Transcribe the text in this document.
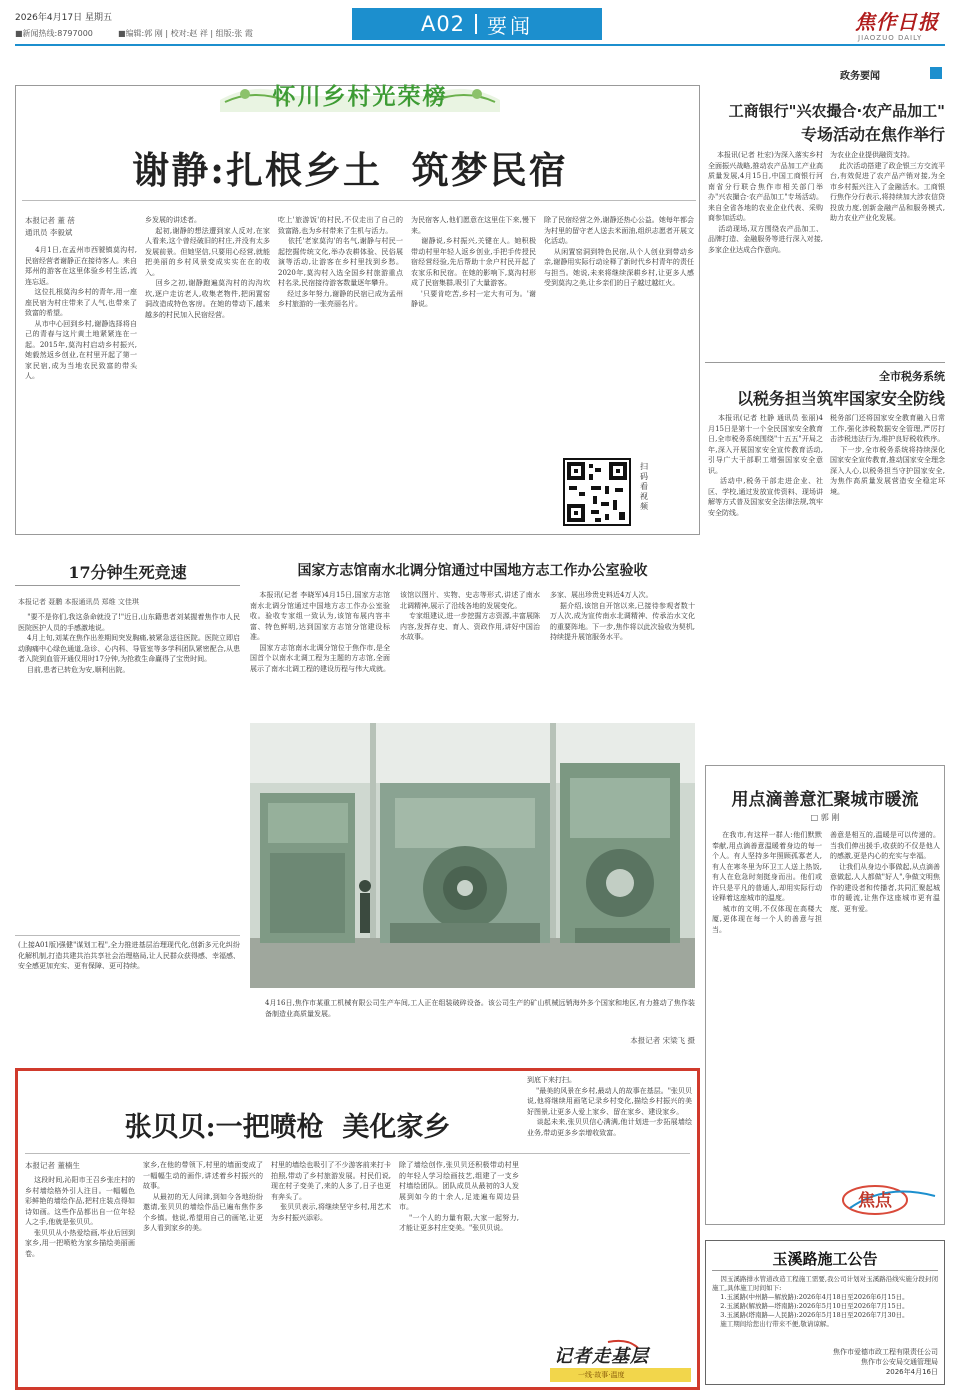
2026年4月17日 星期五
■新闻热线:8797000	■编辑:郭 刚 | 校对:赵 祥 | 组版:张 霞	A02 要闻	焦作日报
JIAOZUO DAILY
怀川乡村光荣榜
谢静:扎根乡土  筑梦民宿
本报记者 董 蓓
通讯员 李毅斌
4月1日,在孟州市西虢镇莫沟村,民宿经营者谢静正在接待客人。来自郑州的游客在这里体验乡村生活,流连忘返。
这位扎根莫沟乡村的青年,用一座座民宿为村庄带来了人气,也带来了致富的希望。
从市中心回到乡村,谢静选择将自己的青春与这片黄土地紧紧连在一起。2015年,莫沟村启动乡村振兴,她毅然返乡创业,在村里开起了第一家民宿,成为当地农民致富的带头人。
乡发展的讲述者。
起初,谢静的想法遭到家人反对,在家人看来,这个曾经破旧的村庄,并没有太多发展前景。但她坚信,只要用心经营,就能把美丽的乡村风景变成实实在在的收入。
回乡之初,谢静跑遍莫沟村的沟沟坎坎,逐户走访老人,收集老物件,把闲置窑洞改造成特色客房。在她的带动下,越来越多的村民加入民宿经营。
吃上'旅游饭'的村民,不仅走出了自己的致富路,也为乡村带来了生机与活力。
依托'老家莫沟'的名气,谢静与村民一起挖掘传统文化,举办农耕体验、民俗展演等活动,让游客在乡村里找到乡愁。2020年,莫沟村入选全国乡村旅游重点村名录,民宿接待游客数量逐年攀升。
经过多年努力,谢静的民宿已成为孟州乡村旅游的一张亮丽名片。
为民宿客人,他们愿意在这里住下来,慢下来。
谢静说,乡村振兴,关键在人。她积极带动村里年轻人返乡创业,手把手传授民宿经营经验,先后帮助十余户村民开起了农家乐和民宿。在她的影响下,莫沟村形成了民宿集群,吸引了大量游客。
'只要肯吃苦,乡村一定大有可为。'谢静说。
除了民宿经营之外,谢静还热心公益。她每年都会为村里的留守老人送去米面油,组织志愿者开展文化活动。
从闲置窑洞到特色民宿,从个人创业到带动乡亲,谢静用实际行动诠释了新时代乡村青年的责任与担当。她说,未来将继续深耕乡村,让更多人感受到莫沟之美,让乡亲们的日子越过越红火。
扫码看视频
政务要闻
工商银行"兴农撮合·农产品加工"
专场活动在焦作举行
本报讯(记者 杜宏)为深入落实乡村全面振兴战略,推动农产品加工产业高质量发展,4月15日,中国工商银行河南省分行联合焦作市相关部门举办"兴农撮合·农产品加工"专场活动。来自全省各地的农业企业代表、采购商参加活动。
活动现场,双方围绕农产品加工、品牌打造、金融服务等进行深入对接,多家企业达成合作意向。
为农业企业提供融资支持。
此次活动搭建了政企银三方交流平台,有效促进了农产品产销对接,为全市乡村振兴注入了金融活水。工商银行焦作分行表示,将持续加大涉农信贷投放力度,创新金融产品和服务模式,助力农业产业化发展。
全市税务系统
以税务担当筑牢国家安全防线
本报讯(记者 杜静 通讯员 张丽)4月15日是第十一个全民国家安全教育日,全市税务系统围绕"十五五"开局之年,深入开展国家安全宣传教育活动,引导广大干部职工增强国家安全意识。
活动中,税务干部走进企业、社区、学校,通过发放宣传资料、现场讲解等方式普及国家安全法律法规,筑牢安全防线。
税务部门还将国家安全教育融入日常工作,强化涉税数据安全管理,严厉打击涉税违法行为,维护良好税收秩序。
下一步,全市税务系统将持续深化国家安全宣传教育,推动国家安全理念深入人心,以税务担当守护国家安全,为焦作高质量发展营造安全稳定环境。
用点滴善意汇聚城市暖流
□ 郭 刚
在我市,有这样一群人:他们默默奉献,用点滴善意温暖着身边的每一个人。有人坚持多年照顾孤寡老人,有人在寒冬里为环卫工人送上热饭,有人在危急时刻挺身而出。他们或许只是平凡的普通人,却用实际行动诠释着这座城市的温度。
城市的文明,不仅体现在高楼大厦,更体现在每一个人的善意与担当。
善意是相互的,温暖是可以传递的。当我们伸出援手,收获的不仅是他人的感激,更是内心的充实与幸福。
让我们从身边小事做起,从点滴善意做起,人人都做"好人",争做文明焦作的建设者和传播者,共同汇聚起城市的暖流,让焦作这座城市更有温度、更有爱。
焦点
玉溪路施工公告
因玉溪路排水管道改造工程施工需要,我公司计划对玉溪路沿线实施分段封闭施工,具体施工时间如下:
1.玉溪路(中州路—解放路):2026年4月18日至2026年6月15日。
2.玉溪路(解放路—塔南路):2026年5月10日至2026年7月15日。
3.玉溪路(塔南路—人民路):2026年5月18日至2026年7月30日。
施工期间给您出行带来不便,敬请谅解。
焦作市爱德市政工程有限责任公司
焦作市公安局交通管理局
2026年4月16日
17分钟生死竞速
本报记者 聂鹏 本报通讯员 郑维 文佳琪
"要不是你们,我这条命就没了!"近日,山东籍患者刘某握着焦作市人民医院医护人员的手感激地说。
4月上旬,刘某在焦作出差期间突发胸痛,被紧急送往医院。医院立即启动胸痛中心绿色通道,急诊、心内科、导管室等多学科团队紧密配合,从患者入院到血管开通仅用时17分钟,为抢救生命赢得了宝贵时间。
目前,患者已转危为安,顺利出院。
(上接A01版)强健"谋划工程",全力推进基层治理现代化,创新多元化纠纷化解机制,打造共建共治共享社会治理格局,让人民群众获得感、幸福感、安全感更加充实、更有保障、更可持续。
国家方志馆南水北调分馆通过中国地方志工作办公室验收
本报讯(记者 李晓军)4月15日,国家方志馆南水北调分馆通过中国地方志工作办公室验收。验收专家组一致认为,该馆布展内容丰富、特色鲜明,达到国家方志馆分馆建设标准。
国家方志馆南水北调分馆位于焦作市,是全国首个以南水北调工程为主题的方志馆,全面展示了南水北调工程的建设历程与伟大成就。
该馆以图片、实物、史志等形式,讲述了南水北调精神,展示了沿线各地的发展变化。
专家组建议,进一步挖掘方志资源,丰富展陈内容,发挥存史、育人、资政作用,讲好中国治水故事。
多家、展出珍贵史料近4万人次。
据介绍,该馆自开馆以来,已接待参观者数十万人次,成为宣传南水北调精神、传承治水文化的重要阵地。下一步,焦作将以此次验收为契机,持续提升展馆服务水平。
4月16日,焦作市某重工机械有限公司生产车间,工人正在组装破碎设备。该公司生产的矿山机械远销海外多个国家和地区,有力推动了焦作装备制造业高质量发展。
本报记者 宋梁飞 摄
张贝贝:一把喷枪  美化家乡
本报记者 董楠生
这段时间,沁阳市王召乡张庄村的乡村墙绘格外引人注目。一幅幅色彩鲜艳的墙绘作品,把村庄装点得如诗如画。这些作品都出自一位年轻人之手,他就是张贝贝。
张贝贝从小热爱绘画,毕业后回到家乡,用一把喷枪为家乡描绘美丽画卷。
家乡,在他的带领下,村里的墙面变成了一幅幅生动的画作,讲述着乡村振兴的故事。
从最初的无人问津,到如今各地纷纷邀请,张贝贝的墙绘作品已遍布焦作多个乡镇。他说,希望用自己的画笔,让更多人看到家乡的美。
村里的墙绘也吸引了不少游客前来打卡拍照,带动了乡村旅游发展。村民们说,现在村子变美了,来的人多了,日子也更有奔头了。
张贝贝表示,将继续坚守乡村,用艺术为乡村振兴添彩。
除了墙绘创作,张贝贝还积极带动村里的年轻人学习绘画技艺,组建了一支乡村墙绘团队。团队成员从最初的3人发展到如今的十余人,足迹遍布周边县市。
"一个人的力量有限,大家一起努力,才能让更多村庄变美。"张贝贝说。
到底下来打扫。
"最美的风景在乡村,最动人的故事在基层。"张贝贝说,他将继续用画笔记录乡村变化,描绘乡村振兴的美好图景,让更多人爱上家乡、留在家乡、建设家乡。
谈起未来,张贝贝信心满满,他计划进一步拓展墙绘业务,带动更多乡亲增收致富。
记者走基层
一线·故事·温度
